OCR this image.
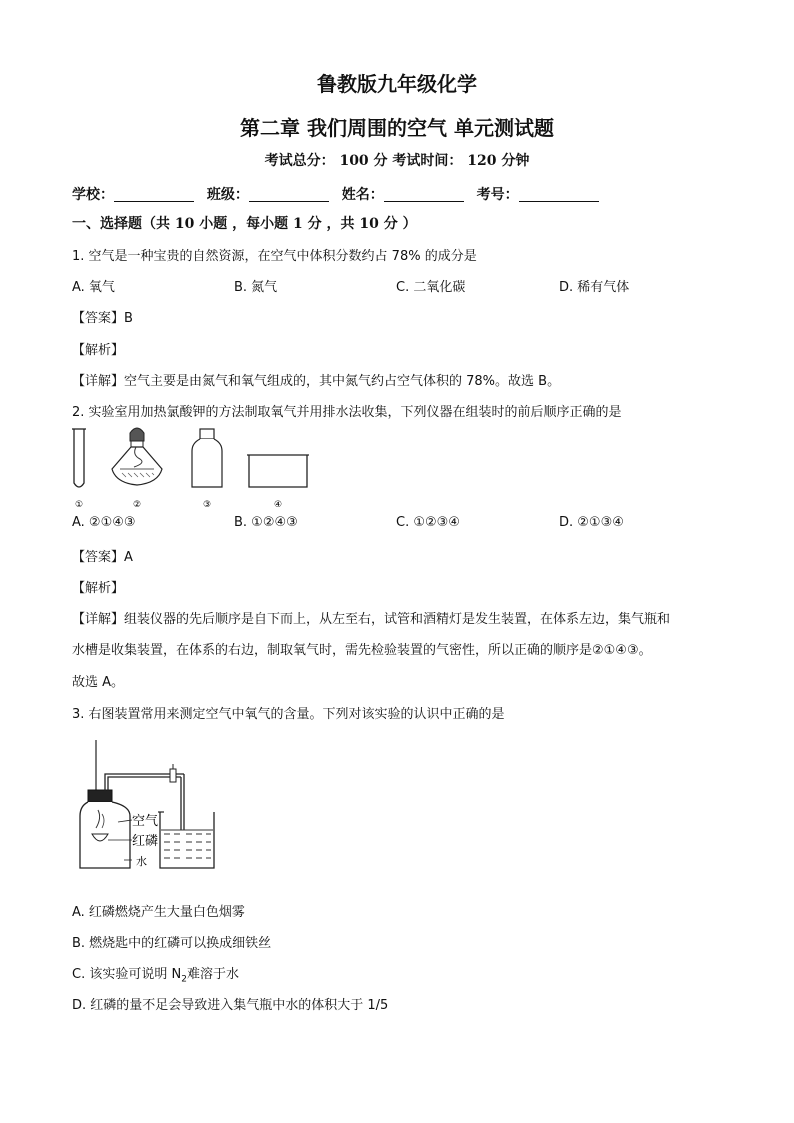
鲁教版九年级化学
第二章 我们周围的空气 单元测试题
考试总分： 100 分 考试时间： 120 分钟
学校：	班级：	姓名：	考号：
一、选择题（共 10 小题 ，每小题 1 分 ，共 10 分 ）
1. 空气是一种宝贵的自然资源，在空气中体积分数约占 78% 的成分是
A. 氧气	B. 氮气	C. 二氧化碳	D. 稀有气体
【答案】B
【解析】
【详解】空气主要是由氮气和氧气组成的，其中氮气约占空气体积的 78%。故选 B。
2. 实验室用加热氯酸钾的方法制取氧气并用排水法收集，下列仪器在组装时的前后顺序正确的是
①	②	③	④
A. ②①④③	B. ①②④③	C. ①②③④	D. ②①③④
【答案】A
【解析】
【详解】组装仪器的先后顺序是自下而上，从左至右，试管和酒精灯是发生装置，在体系左边，集气瓶和
水槽是收集装置，在体系的右边，制取氧气时，需先检验装置的气密性，所以正确的顺序是②①④③。
故选 A。
3. 右图装置常用来测定空气中氧气的含量。下列对该实验的认识中正确的是
空气
红磷
水
A. 红磷燃烧产生大量白色烟雾
B. 燃烧匙中的红磷可以换成细铁丝
C. 该实验可说明 $N_2$难溶于水
D. 红磷的量不足会导致进入集气瓶中水的体积大于 1/5
